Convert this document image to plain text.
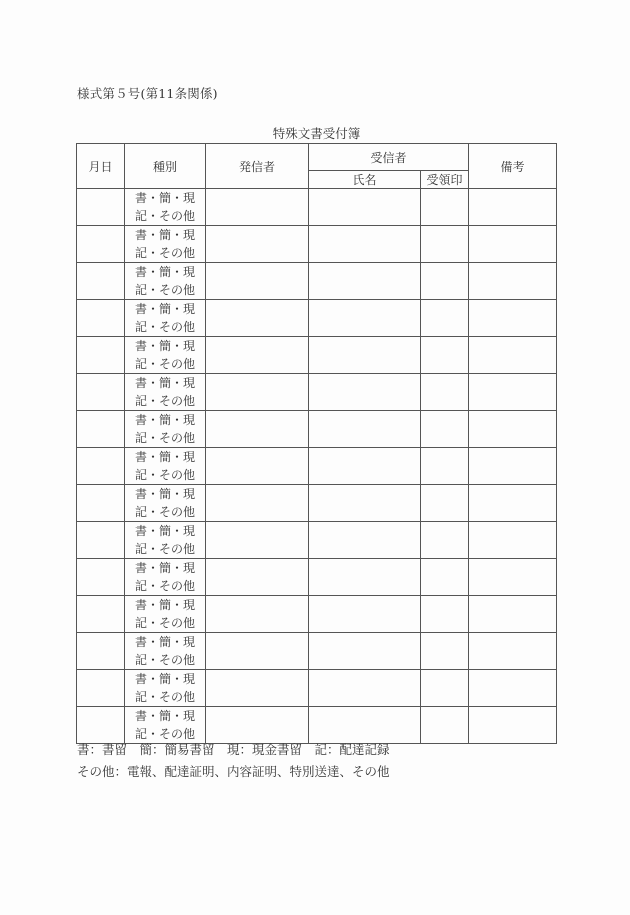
様式第５号(第11条関係)
特殊文書受付簿
月日	種別	発信者	受信者		備考
			氏名	受領印	

	書・簡・現
記・その他				

	書・簡・現
記・その他				

	書・簡・現
記・その他				

	書・簡・現
記・その他				

	書・簡・現
記・その他				

	書・簡・現
記・その他				

	書・簡・現
記・その他				

	書・簡・現
記・その他				

	書・簡・現
記・その他				

	書・簡・現
記・その他				

	書・簡・現
記・その他				

	書・簡・現
記・その他				

	書・簡・現
記・その他				

	書・簡・現
記・その他				

	書・簡・現
記・その他				

書：書留　簡：簡易書留　現：現金書留　記：配達記録
その他：電報、配達証明、内容証明、特別送達、その他
